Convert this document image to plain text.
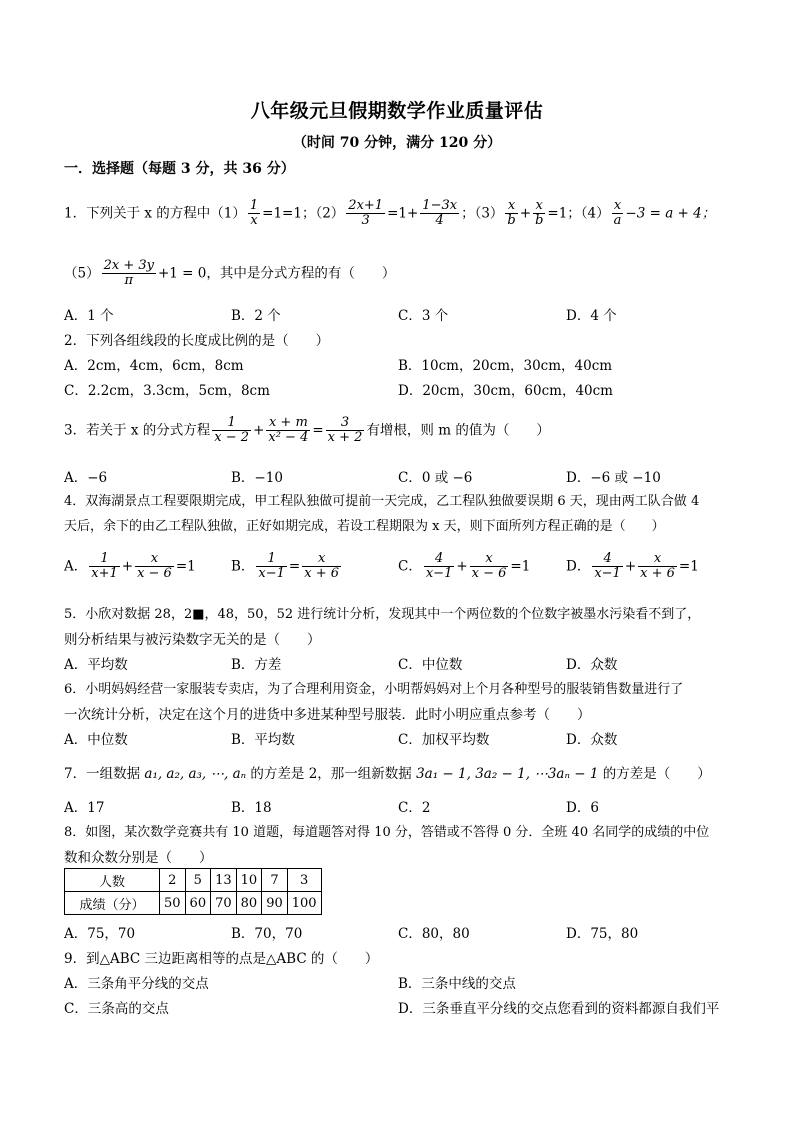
八年级元旦假期数学作业质量评估
（时间 70 分钟，满分 120 分）
一．选择题（每题 3 分，共 36 分）
1．下列关于 x 的方程中$(1) \frac{1}{x} =1=1$；$(2) \frac{2x+1}{3} =1+ \frac{1-3x}{4}$ ；$(3) \frac{x}{b} + \frac{x}{b} =1$；$(4) \frac{x}{a} -3 = a + 4$；
$(5) \frac{2x + 3y}{\pi} +1 = 0$，其中是分式方程的有（　　）
A．1 个	B．2 个	C．3 个	D．4 个
2．下列各组线段的长度成比例的是（　　）
A．2cm，4cm，6cm，8cm	B．10cm，20cm，30cm，40cm
C．2.2cm，3.3cm，5cm，8cm	D．20cm，30cm，60cm，40cm
3．若关于 x 的分式方程 $\frac{1}{x - 2} + \frac{x + m}{\text{x² − 4}} = \frac{3}{x + 2}$ 有增根，则 m 的值为（　　）
A．−6	B．−10	C．0 或 −6	D．−6 或 −10
4．双海湖景点工程要限期完成，甲工程队独做可提前一天完成，乙工程队独做要误期 6 天，现由两工队合做 4
天后，余下的由乙工程队独做，正好如期完成，若设工程期限为 x 天，则下面所列方程正确的是（　　）
A． $\frac{1}{x+1} + \frac{x}{x - 6} =1$	B． $\frac{1}{x-1} = \frac{x}{x + 6}$	C． $\frac{4}{x-1} + \frac{x}{x - 6} =1$	D． $\frac{4}{x-1} + \frac{x}{x + 6} =1$
5．小欣对数据 28，2■，48，50，52 进行统计分析，发现其中一个两位数的个位数字被墨水污染看不到了，
则分析结果与被污染数字无关的是（　　）
A．平均数	B．方差	C．中位数	D．众数
6．小明妈妈经营一家服装专卖店，为了合理利用资金，小明帮妈妈对上个月各种型号的服装销售数量进行了
一次统计分析，决定在这个月的进货中多进某种型号服装．此时小明应重点参考（　　）
A．中位数	B．平均数	C．加权平均数	D．众数
7．一组数据 a₁, a₂, a₃, ⋯, aₙ 的方差是 2，那一组新数据 3a₁ − 1, 3a₂ − 1, ⋯3aₙ − 1 的方差是（　　）
A．17	B．18	C．2	D．6
8．如图，某次数学竞赛共有 10 道题，每道题答对得 10 分，答错或不答得 0 分．全班 40 名同学的成绩的中位
数和众数分别是（　　）
人数	2	5	13	10	7	3
成绩（分）	50	60	70	80	90	100
A．75，70	B．70，70	C．80，80	D．75，80
9．到△ABC 三边距离相等的点是△ABC 的（　　）
A．三条角平分线的交点	B．三条中线的交点
C．三条高的交点	D．三条垂直平分线的交点您看到的资料都源自我们平
